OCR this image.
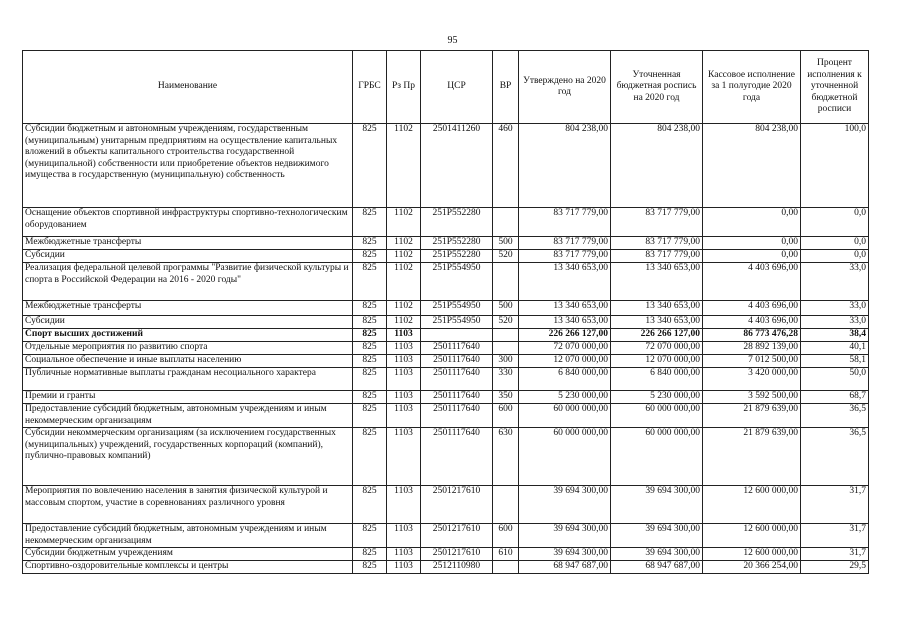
95
Наименование	ГРБС	Рз Пр	ЦСР	ВР	Утверждено на 2020 год	Уточненная бюджетная роспись на 2020 год	Кассовое исполнение за 1 полугодие 2020 года	Процент исполнения к уточненной бюджетной росписи
Субсидии бюджетным и автономным учреждениям, государственным (муниципальным) унитарным предприятиям на осуществление капитальных вложений в объекты капитального строительства государственной (муниципальной) собственности или приобретение объектов недвижимого имущества в государственную (муниципальную) собственность	825	1102	2501411260	460	804 238,00	804 238,00	804 238,00	100,0
Оснащение объектов спортивной инфраструктуры спортивно-технологическим оборудованием	825	1102	251P552280		83 717 779,00	83 717 779,00	0,00	0,0
Межбюджетные трансферты	825	1102	251P552280	500	83 717 779,00	83 717 779,00	0,00	0,0
Субсидии	825	1102	251P552280	520	83 717 779,00	83 717 779,00	0,00	0,0
Реализация федеральной целевой программы "Развитие физической культуры и спорта в Российской Федерации на 2016 - 2020 годы"	825	1102	251P554950		13 340 653,00	13 340 653,00	4 403 696,00	33,0
Межбюджетные трансферты	825	1102	251P554950	500	13 340 653,00	13 340 653,00	4 403 696,00	33,0
Субсидии	825	1102	251P554950	520	13 340 653,00	13 340 653,00	4 403 696,00	33,0
Спорт высших достижений	825	1103			226 266 127,00	226 266 127,00	86 773 476,28	38,4
Отдельные мероприятия по развитию спорта	825	1103	2501117640		72 070 000,00	72 070 000,00	28 892 139,00	40,1
Социальное обеспечение и иные выплаты населению	825	1103	2501117640	300	12 070 000,00	12 070 000,00	7 012 500,00	58,1
Публичные нормативные выплаты гражданам несоциального характера	825	1103	2501117640	330	6 840 000,00	6 840 000,00	3 420 000,00	50,0
Премии и гранты	825	1103	2501117640	350	5 230 000,00	5 230 000,00	3 592 500,00	68,7
Предоставление субсидий бюджетным, автономным учреждениям и иным некоммерческим организациям	825	1103	2501117640	600	60 000 000,00	60 000 000,00	21 879 639,00	36,5
Субсидии некоммерческим организациям (за исключением государственных (муниципальных) учреждений, государственных корпораций (компаний), публично-правовых компаний)	825	1103	2501117640	630	60 000 000,00	60 000 000,00	21 879 639,00	36,5
Мероприятия по вовлечению населения в занятия физической культурой и массовым спортом, участие в соревнованиях различного уровня	825	1103	2501217610		39 694 300,00	39 694 300,00	12 600 000,00	31,7
Предоставление субсидий бюджетным, автономным учреждениям и иным некоммерческим организациям	825	1103	2501217610	600	39 694 300,00	39 694 300,00	12 600 000,00	31,7
Субсидии бюджетным учреждениям	825	1103	2501217610	610	39 694 300,00	39 694 300,00	12 600 000,00	31,7
Спортивно-оздоровительные комплексы и центры	825	1103	2512110980		68 947 687,00	68 947 687,00	20 366 254,00	29,5
